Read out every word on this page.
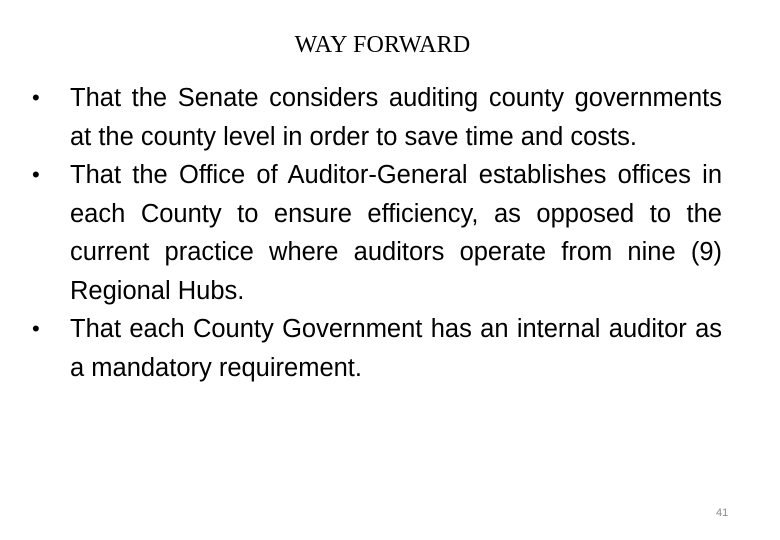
WAY FORWARD
• That the Senate considers auditing county governments at the county level in order to save time and costs.
• That the Office of Auditor-General establishes offices in each County to ensure efficiency, as opposed to the current practice where auditors operate from nine (9) Regional Hubs.
• That each County Government has an internal auditor as a mandatory requirement.
41
